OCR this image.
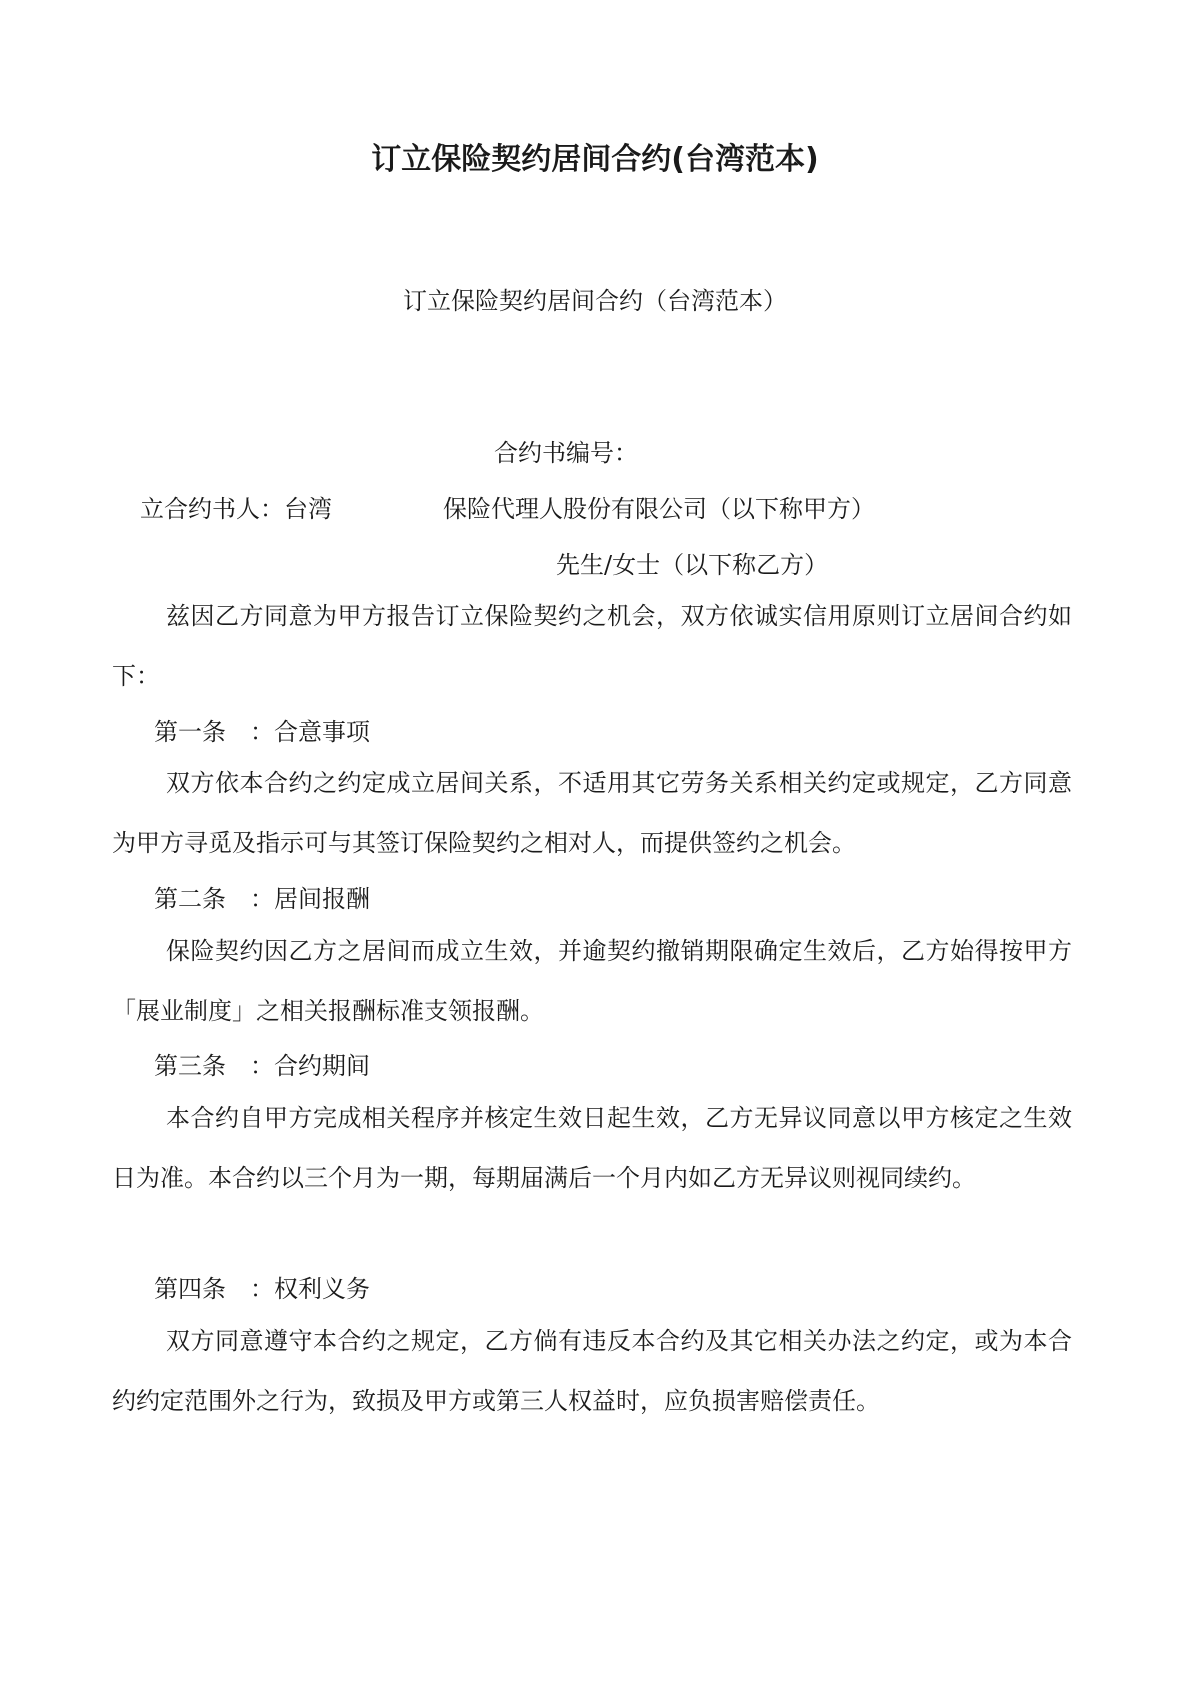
订立保险契约居间合约(台湾范本)
订立保险契约居间合约（台湾范本）
合约书编号：
立合约书人：台湾	保险代理人股份有限公司（以下称甲方）
先生/女士（以下称乙方）
兹因乙方同意为甲方报告订立保险契约之机会，双方依诚实信用原则订立居间合约如下：
第一条　：合意事项
双方依本合约之约定成立居间关系，不适用其它劳务关系相关约定或规定，乙方同意为甲方寻觅及指示可与其签订保险契约之相对人，而提供签约之机会。
第二条　：居间报酬
保险契约因乙方之居间而成立生效，并逾契约撤销期限确定生效后，乙方始得按甲方「展业制度」之相关报酬标准支领报酬。
第三条　：合约期间
本合约自甲方完成相关程序并核定生效日起生效，乙方无异议同意以甲方核定之生效日为准。本合约以三个月为一期，每期届满后一个月内如乙方无异议则视同续约。
第四条　：权利义务
双方同意遵守本合约之规定，乙方倘有违反本合约及其它相关办法之约定，或为本合约约定范围外之行为，致损及甲方或第三人权益时，应负损害赔偿责任。
